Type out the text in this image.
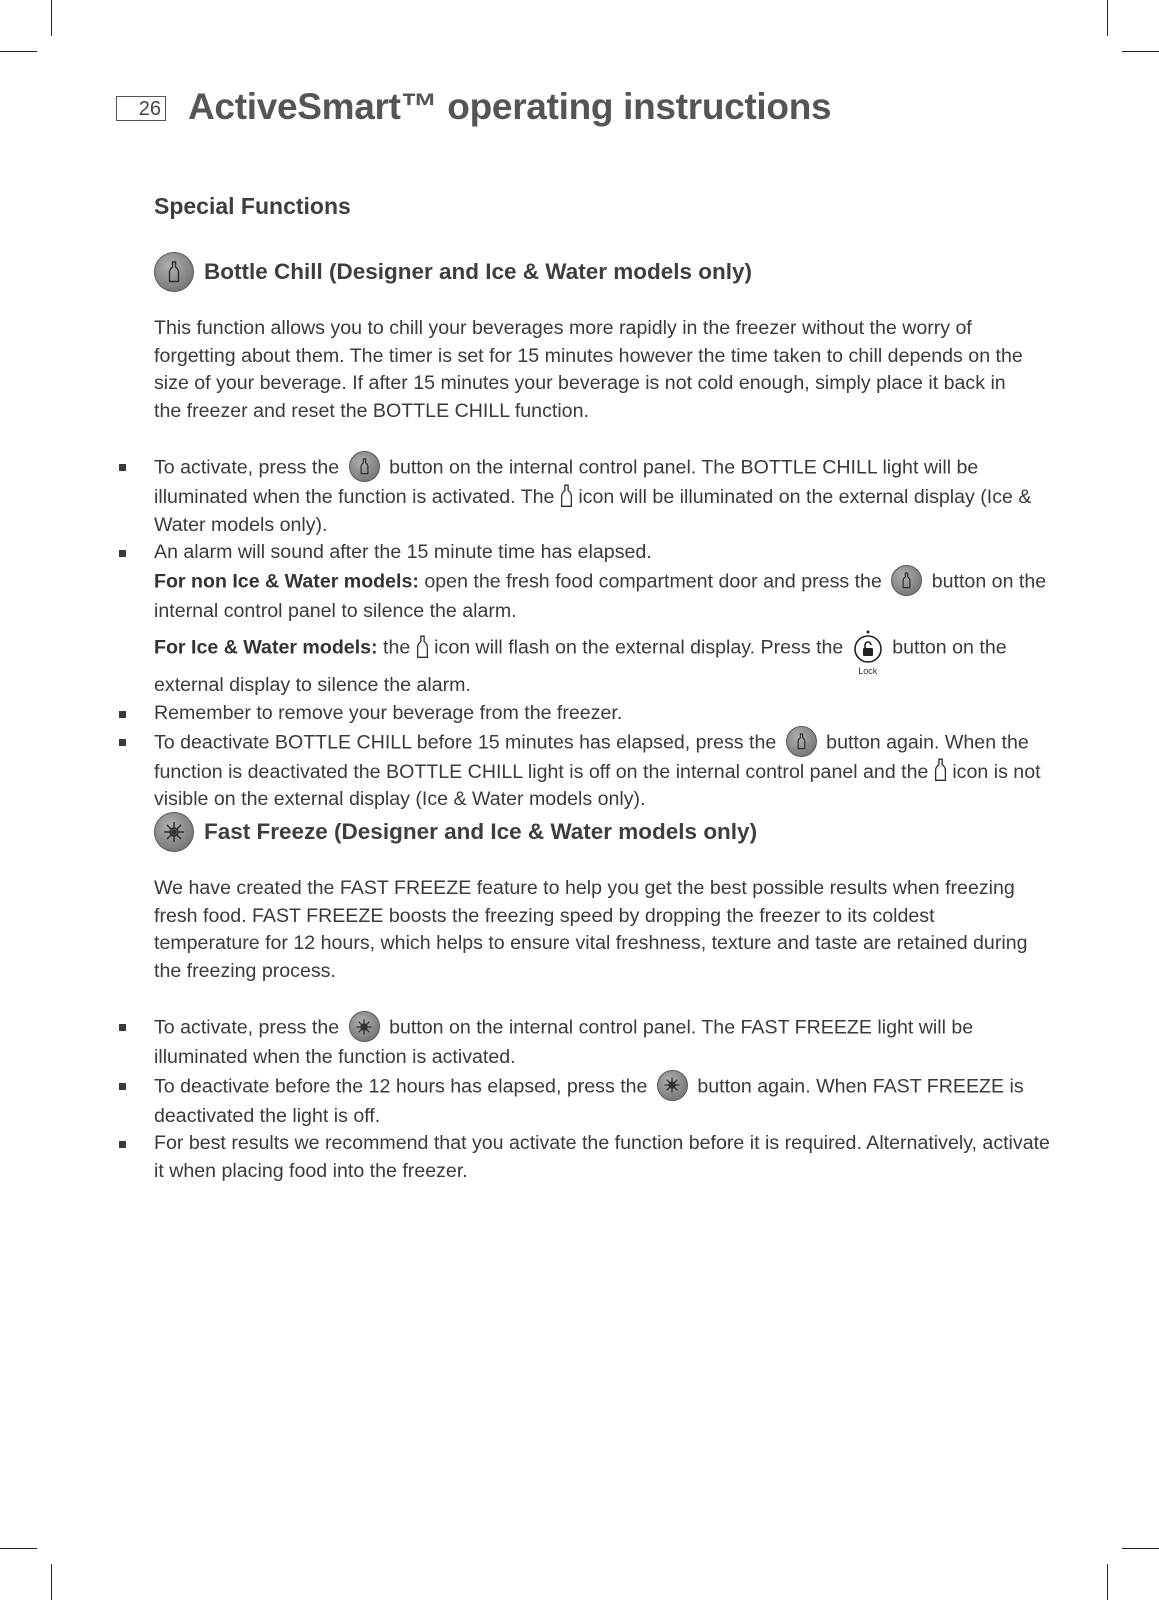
26 ActiveSmart™ operating instructions
Special Functions
Bottle Chill (Designer and Ice & Water models only)

This function allows you to chill your beverages more rapidly in the freezer without the worry of forgetting about them. The timer is set for 15 minutes however the time taken to chill depends on the size of your beverage. If after 15 minutes your beverage is not cold enough, simply place it back in the freezer and reset the BOTTLE CHILL function.

To activate, press the	button on the internal control panel. The BOTTLE CHILL light will be illuminated when the function is activated. The icon will be illuminated on the external display (Ice & Water models only).
An alarm will sound after the 15 minute time has elapsed.
For non Ice & Water models: open the fresh food compartment door and press the	button on the internal control panel to silence the alarm.
For Ice & Water models: the icon will flash on the external display. Press the
Lock
button on the external display to silence the alarm.
Remember to remove your beverage from the freezer.
To deactivate BOTTLE CHILL before 15 minutes has elapsed, press the	button again. When the function is deactivated the BOTTLE CHILL light is off on the internal control panel and the icon is not visible on the external display (Ice & Water models only).
Fast Freeze (Designer and Ice & Water models only)

We have created the FAST FREEZE feature to help you get the best possible results when freezing fresh food. FAST FREEZE boosts the freezing speed by dropping the freezer to its coldest temperature for 12 hours, which helps to ensure vital freshness, texture and taste are retained during the freezing process.

To activate, press the	button on the internal control panel. The FAST FREEZE light will be illuminated when the function is activated.
To deactivate before the 12 hours has elapsed, press the	button again. When FAST FREEZE is deactivated the light is off.
For best results we recommend that you activate the function before it is required. Alternatively, activate it when placing food into the freezer.
